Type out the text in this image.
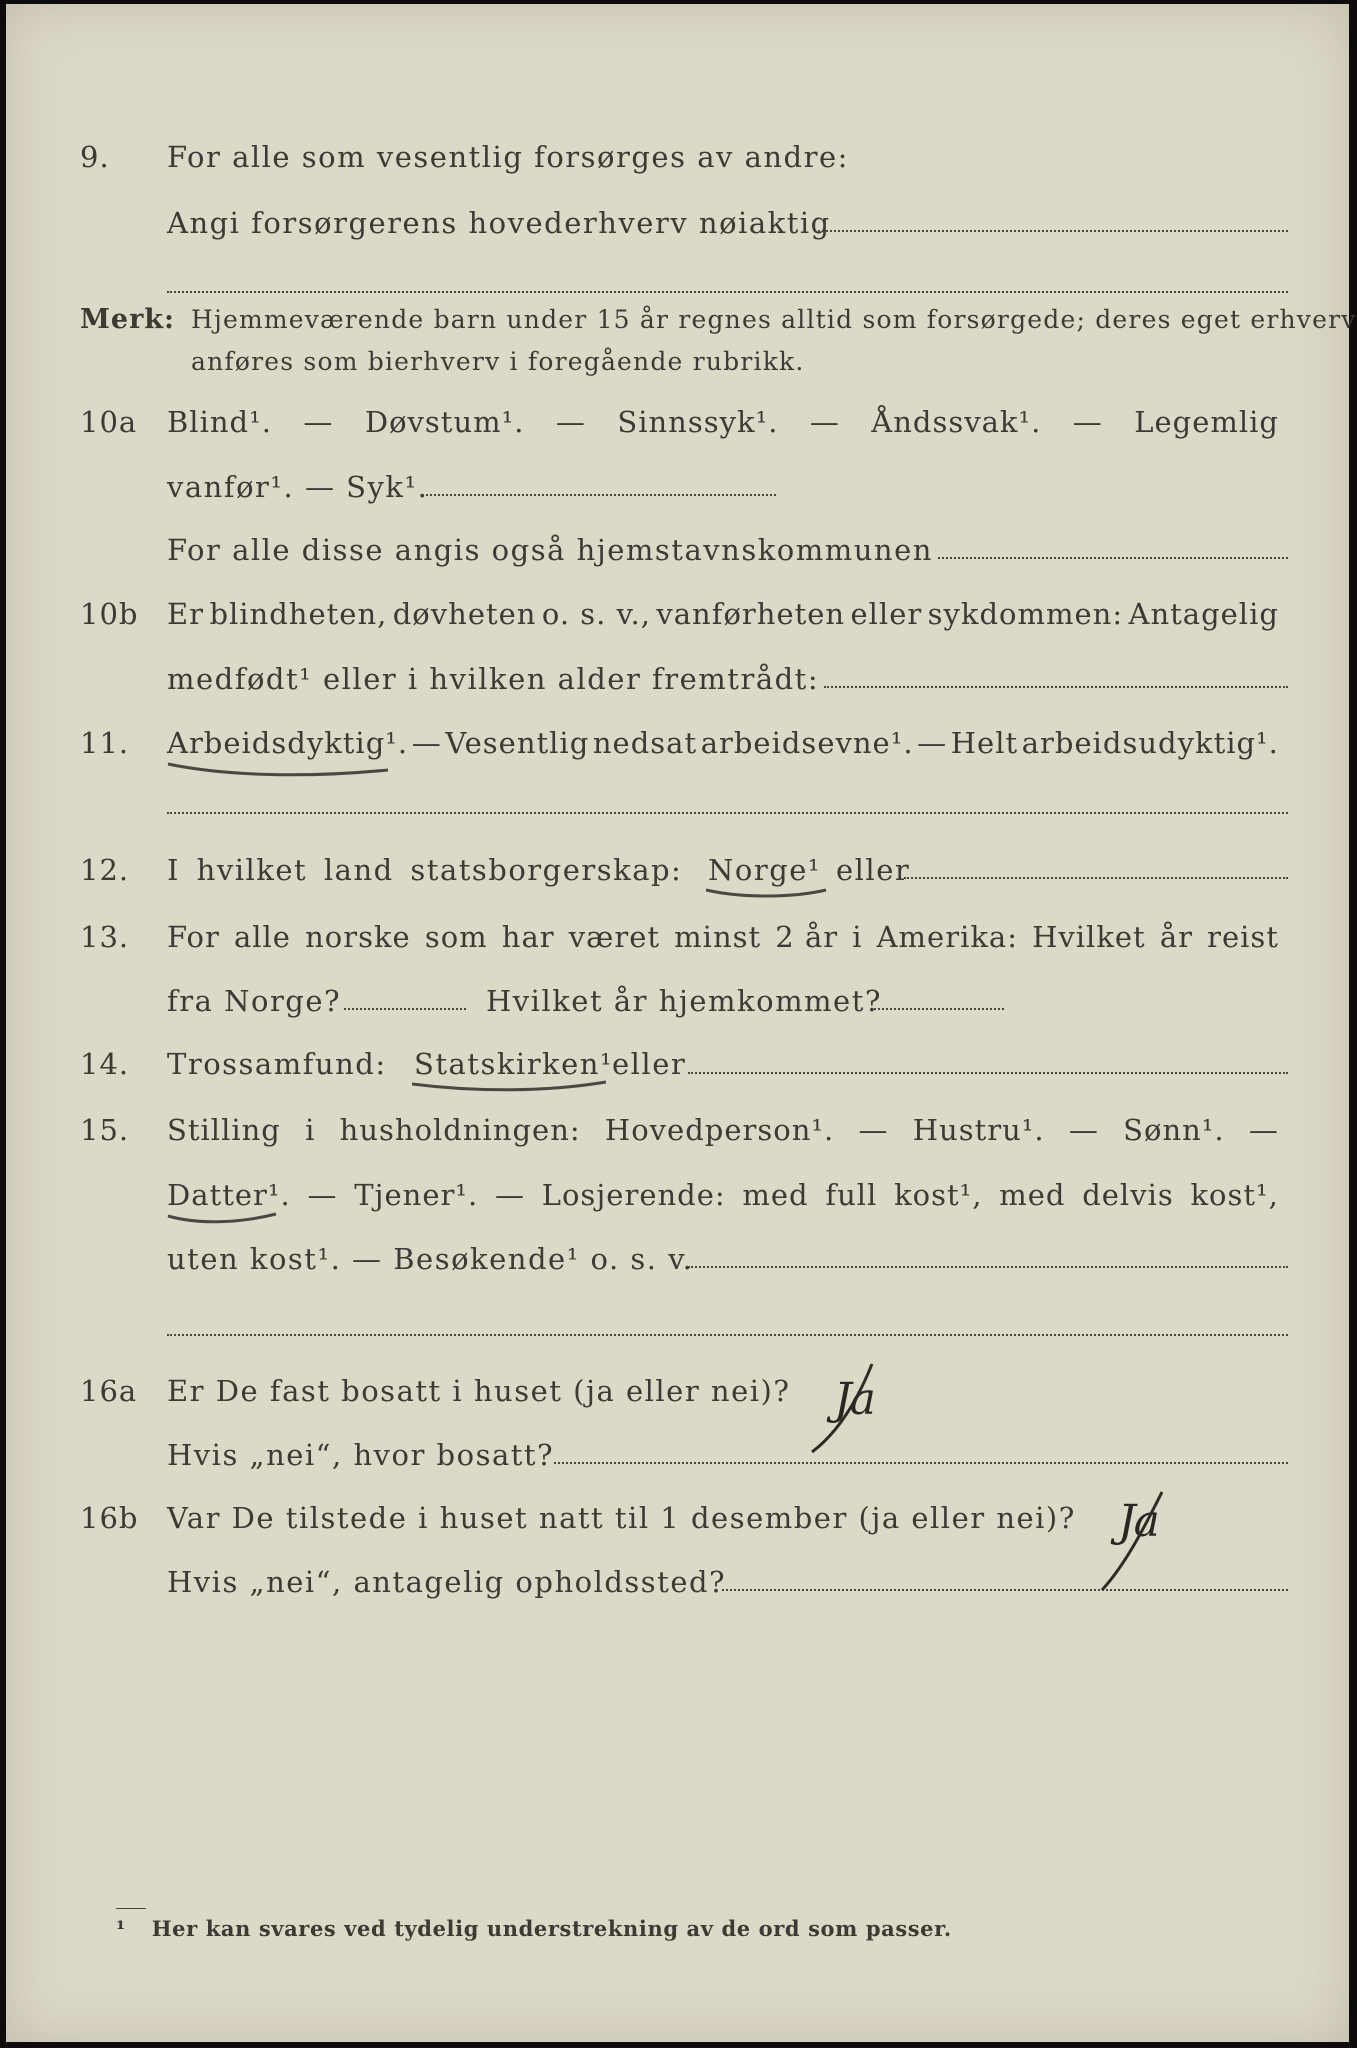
9. For alle som vesentlig forsørges av andre:
Angi forsørgerens hovederhverv nøiaktig
Merk: Hjemmeværende barn under 15 år regnes alltid som forsørgede; deres eget erhverv
anføres som bierhverv i foregående rubrikk.
10a Blind¹. — Døvstum¹. — Sinnssyk¹. — Åndssvak¹. — Legemlig
vanfør¹. — Syk¹.
For alle disse angis også hjemstavnskommunen
10b Er blindheten, døvheten o. s. v., vanførheten eller sykdommen: Antagelig
medfødt¹ eller i hvilken alder fremtrådt:
11. Arbeidsdyktig¹. — Vesentlig nedsat arbeidsevne¹. — Helt arbeidsudyktig¹.
12. I hvilket land statsborgerskap: Norge¹ eller
13. For alle norske som har været minst 2 år i Amerika: Hvilket år reist
fra Norge?	Hvilket år hjemkommet?
14. Trossamfund: Statskirken¹
eller
15. Stilling i husholdningen: Hovedperson¹. — Hustru¹. — Sønn¹. —
Datter¹. — Tjener¹. — Losjerende: med full kost¹, med delvis kost¹,
uten kost¹. — Besøkende¹ o. s. v.
16a Er De fast bosatt i huset (ja eller nei)?
Hvis „nei“, hvor bosatt?
16b Var De tilstede i huset natt til 1 desember (ja eller nei)?
Hvis „nei“, antagelig opholdssted?
Ja
Ja
¹ Her kan svares ved tydelig understrekning av de ord som passer.
